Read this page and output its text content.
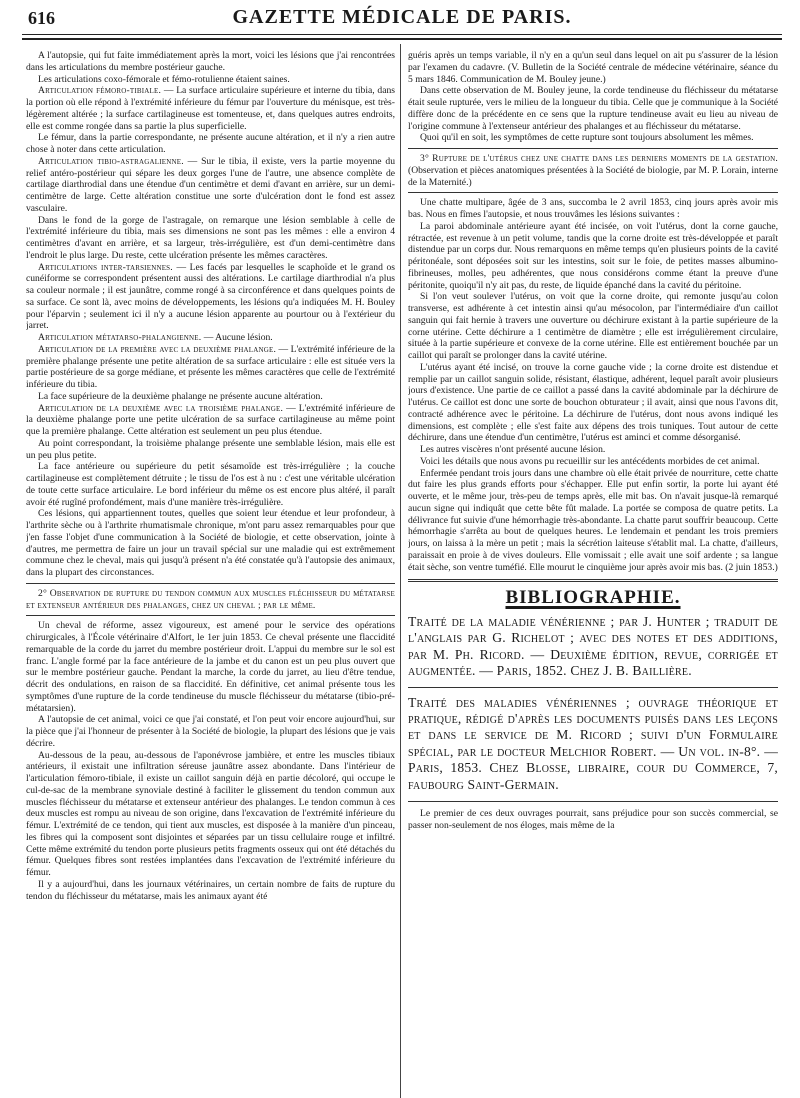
616	GAZETTE MÉDICALE DE PARIS.

A l'autopsie, qui fut faite immédiatement après la mort, voici les lésions que j'ai rencontrées dans les articulations du membre postérieur gauche.

Les articulations coxo-fémorale et fémo-rotulienne étaient saines.

Articulation fémoro-tibiale. — La surface articulaire supérieure et interne du tibia, dans la portion où elle répond à l'extrémité inférieure du fémur par l'ouverture du ménisque, est très-légèrement altérée ; la surface cartilagineuse est tomenteuse, et, dans quelques autres endroits, elle est comme rongée dans sa partie la plus superficielle.

Le fémur, dans la partie correspondante, ne présente aucune altération, et il n'y a rien autre chose à noter dans cette articulation.

Articulation tibio-astragalienne. — Sur le tibia, il existe, vers la partie moyenne du relief antéro-postérieur qui sépare les deux gorges l'une de l'autre, une absence complète de cartilage diarthrodial dans une étendue d'un centimètre et demi d'avant en arrière, sur un demi-centimètre de large. Cette altération constitue une sorte d'ulcération dont le fond est assez vasculaire.

Dans le fond de la gorge de l'astragale, on remarque une lésion semblable à celle de l'extrémité inférieure du tibia, mais ses dimensions ne sont pas les mêmes : elle a environ 4 centimètres d'avant en arrière, et sa largeur, très-irrégulière, est d'un demi-centimètre dans l'endroit le plus large. Du reste, cette ulcération présente les mêmes caractères.

Articulations inter-tarsiennes. — Les facés par lesquelles le scaphoïde et le grand os cunéiforme se correspondent présentent aussi des altérations. Le cartilage diarthrodial n'a plus sa couleur normale ; il est jaunâtre, comme rongé à sa circonférence et dans quelques points de sa surface. Ce sont là, avec moins de développements, les lésions qu'a indiquées M. H. Bouley pour l'éparvin ; seulement ici il n'y a aucune lésion apparente au pourtour ou à l'extérieur du jarret.

Articulation métatarso-phalangienne. — Aucune lésion.

Articulation de la première avec la deuxième phalange. — L'extrémité inférieure de la première phalange présente une petite altération de sa surface articulaire : elle est située vers la partie postérieure de sa gorge médiane, et présente les mêmes caractères que celle de l'extrémité inférieure du tibia.

La face supérieure de la deuxième phalange ne présente aucune altération.

Articulation de la deuxième avec la troisième phalange. — L'extrémité inférieure de la deuxième phalange porte une petite ulcération de sa surface cartilagineuse au même point que la première phalange. Cette altération est seulement un peu plus étendue.

Au point correspondant, la troisième phalange présente une semblable lésion, mais elle est un peu plus petite.

La face antérieure ou supérieure du petit sésamoïde est très-irrégulière ; la couche cartilagineuse est complètement détruite ; le tissu de l'os est à nu : c'est une véritable ulcération de toute cette surface articulaire. Le bord inférieur du même os est encore plus altéré, il paraît avoir été rugîné profondément, mais d'une manière très-irrégulière.

Ces lésions, qui appartiennent toutes, quelles que soient leur étendue et leur profondeur, à l'arthrite sèche ou à l'arthrite rhumatismale chronique, m'ont paru assez remarquables pour que j'en fasse l'objet d'une communication à la Société de biologie, et cette observation, jointe à d'autres, me permettra de faire un jour un travail spécial sur une maladie qui est extrêmement commune chez le cheval, mais qui jusqu'à présent n'a été constatée qu'à l'autopsie des animaux, dans la plupart des circonstances.

2° Observation de rupture du tendon commun aux muscles fléchisseur du métatarse et extenseur antérieur des phalanges, chez un cheval ; par le même.

Un cheval de réforme, assez vigoureux, est amené pour le service des opérations chirurgicales, à l'École vétérinaire d'Alfort, le 1er juin 1853. Ce cheval présente une flaccidité remarquable de la corde du jarret du membre postérieur droit. L'appui du membre sur le sol est franc. L'angle formé par la face antérieure de la jambe et du canon est un peu plus ouvert que sur le membre postérieur gauche. Pendant la marche, la corde du jarret, au lieu d'être tendue, décrit des ondulations, en raison de sa flaccidité. En définitive, cet animal présente tous les symptômes d'une rupture de la corde tendineuse du muscle fléchisseur du métatarse (tibio-pré-métatarsien).

A l'autopsie de cet animal, voici ce que j'ai constaté, et l'on peut voir encore aujourd'hui, sur la pièce que j'ai l'honneur de présenter à la Société de biologie, la plupart des lésions que je vais décrire.

Au-dessous de la peau, au-dessous de l'aponévrose jambière, et entre les muscles tibiaux antérieurs, il existait une infiltration séreuse jaunâtre assez abondante. Dans l'intérieur de l'articulation fémoro-tibiale, il existe un caillot sanguin déjà en partie décoloré, qui occupe le cul-de-sac de la membrane synoviale destiné à faciliter le glissement du tendon commun aux muscles fléchisseur du métatarse et extenseur antérieur des phalanges. Le tendon commun à ces deux muscles est rompu au niveau de son origine, dans l'excavation de l'extrémité inférieure du fémur. L'extrémité de ce tendon, qui tient aux muscles, est disposée à la manière d'un pinceau, les fibres qui la composent sont disjointes et séparées par un tissu cellulaire rouge et infiltré. Cette même extrémité du tendon porte plusieurs petits fragments osseux qui ont été détachés du fémur. Quelques fibres sont restées implantées dans l'excavation de l'extrémité inférieure du fémur.

Il y a aujourd'hui, dans les journaux vétérinaires, un certain nombre de faits de rupture du tendon du fléchisseur du métatarse, mais les animaux ayant été

guéris après un temps variable, il n'y en a qu'un seul dans lequel on ait pu s'assurer de la lésion par l'examen du cadavre. (V. Bulletin de la Société centrale de médecine vétérinaire, séance du 5 mars 1846. Communication de M. Bouley jeune.)

Dans cette observation de M. Bouley jeune, la corde tendineuse du fléchisseur du métatarse était seule rupturée, vers le milieu de la longueur du tibia. Celle que je communique à la Société diffère donc de la précédente en ce sens que la rupture tendineuse avait eu lieu au niveau de l'origine commune à l'extenseur antérieur des phalanges et au fléchisseur du métatarse.

Quoi qu'il en soit, les symptômes de cette rupture sont toujours absolument les mêmes.

3° Rupture de l'utérus chez une chatte dans les derniers moments de la gestation. (Observation et pièces anatomiques présentées à la Société de biologie, par M. P. Lorain, interne de la Maternité.)

Une chatte multipare, âgée de 3 ans, succomba le 2 avril 1853, cinq jours après avoir mis bas. Nous en fîmes l'autopsie, et nous trouvâmes les lésions suivantes :

La paroi abdominale antérieure ayant été incisée, on voit l'utérus, dont la corne gauche, rétractée, est revenue à un petit volume, tandis que la corne droite est très-développée et paraît distendue par un corps dur. Nous remarquons en même temps qu'en plusieurs points de la cavité péritonéale, sont déposées soit sur les intestins, soit sur le foie, de petites masses albumino-fibrineuses, molles, peu adhérentes, que nous considérons comme étant la preuve d'une péritonite, quoiqu'il n'y ait pas, du reste, de liquide épanché dans la cavité du péritoine.

Si l'on veut soulever l'utérus, on voit que la corne droite, qui remonte jusqu'au colon transverse, est adhérente à cet intestin ainsi qu'au mésocolon, par l'intermédiaire d'un caillot sanguin qui fait hernie à travers une ouverture ou déchirure existant à la partie supérieure de la corne utérine. Cette déchirure a 1 centimètre de diamètre ; elle est irrégulièrement circulaire, située à la partie supérieure et convexe de la corne utérine. Elle est entièrement bouchée par un caillot qui paraît se prolonger dans la cavité utérine.

L'utérus ayant été incisé, on trouve la corne gauche vide ; la corne droite est distendue et remplie par un caillot sanguin solide, résistant, élastique, adhérent, lequel paraît avoir plusieurs jours d'existence. Une partie de ce caillot a passé dans la cavité abdominale par la déchirure de l'utérus. Ce caillot est donc une sorte de bouchon obturateur ; il avait, ainsi que nous l'avons dit, contracté adhérence avec le péritoine. La déchirure de l'utérus, dont nous avons indiqué les dimensions, est complète ; elle s'est faite aux dépens des trois tuniques. Tout autour de cette déchirure, dans une étendue d'un centimètre, l'utérus est aminci et comme désorganisé.

Les autres viscères n'ont présenté aucune lésion.

Voici les détails que nous avons pu recueillir sur les antécédents morbides de cet animal.

Enfermée pendant trois jours dans une chambre où elle était privée de nourriture, cette chatte dut faire les plus grands efforts pour s'échapper. Elle put enfin sortir, la porte lui ayant été ouverte, et le même jour, très-peu de temps après, elle mit bas. On n'avait jusque-là remarqué aucun signe qui indiquât que cette bête fût malade. La portée se composa de quatre petits. La délivrance fut suivie d'une hémorrhagie très-abondante. La chatte parut souffrir beaucoup. Cette hémorrhagie s'arrêta au bout de quelques heures. Le lendemain et pendant les trois premiers jours, on laissa à la mère un petit ; mais la sécrétion laiteuse s'établit mal. La chatte, d'ailleurs, paraissait en proie à de vives douleurs. Elle vomissait ; elle avait une soif ardente ; sa langue était sèche, son ventre tuméfié. Elle mourut le cinquième jour après avoir mis bas. (2 juin 1853.)

BIBLIOGRAPHIE.

Traité de la maladie vénérienne ; par J. Hunter ; traduit de l'anglais par G. Richelot ; avec des notes et des additions, par M. Ph. Ricord. — Deuxième édition, revue, corrigée et augmentée. — Paris, 1852. Chez J. B. Baillière.

Traité des maladies vénériennes ; ouvrage théorique et pratique, rédigé d'après les documents puisés dans les leçons et dans le service de M. Ricord ; suivi d'un Formulaire spécial, par le docteur Melchior Robert. — Un vol. in-8°. — Paris, 1853. Chez Blosse, libraire, cour du Commerce, 7, faubourg Saint-Germain.

Le premier de ces deux ouvrages pourrait, sans préjudice pour son succès commercial, se passer non-seulement de nos éloges, mais même de la
